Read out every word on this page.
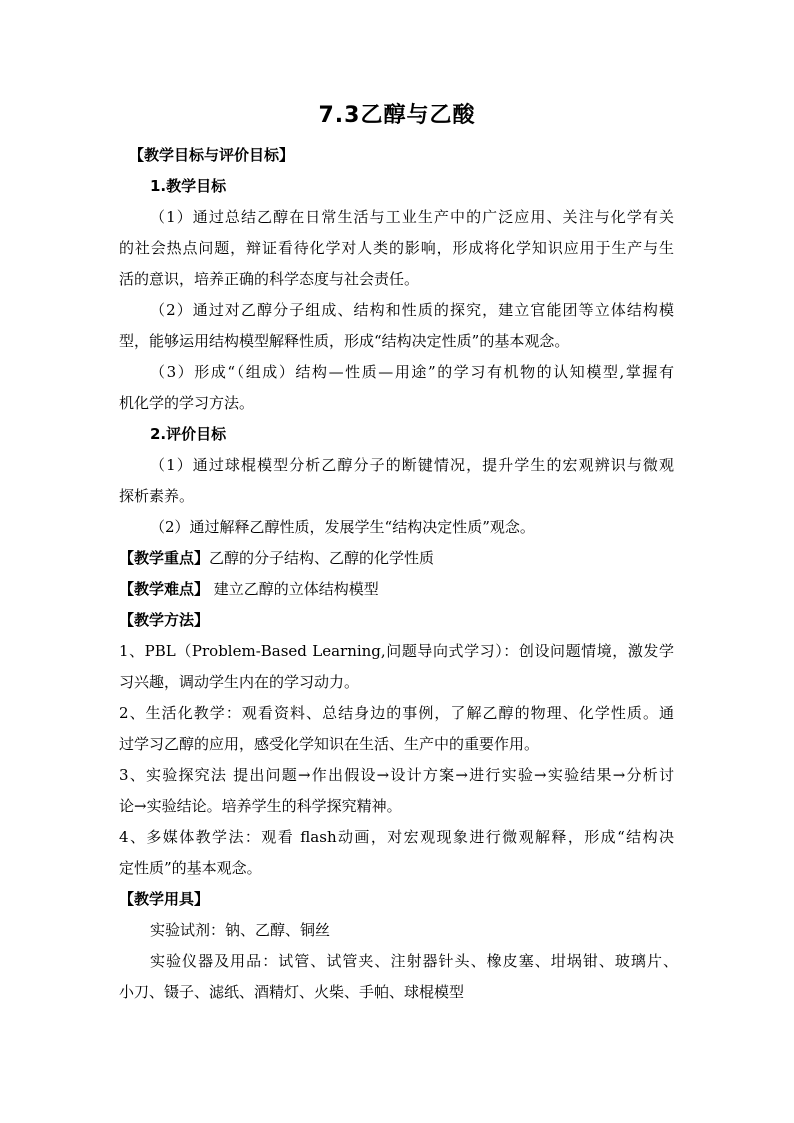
7.3乙醇与乙酸
【教学目标与评价目标】
1.教学目标
（1）通过总结乙醇在日常生活与工业生产中的广泛应用、关注与化学有关
的社会热点问题，辩证看待化学对人类的影响，形成将化学知识应用于生产与生
活的意识，培养正确的科学态度与社会责任。
（2）通过对乙醇分子组成、结构和性质的探究，建立官能团等立体结构模
型，能够运用结构模型解释性质，形成“结构决定性质”的基本观念。
（3）形成“（组成）结构—性质—用途”的学习有机物的认知模型,掌握有
机化学的学习方法。
2.评价目标
（1）通过球棍模型分析乙醇分子的断键情况，提升学生的宏观辨识与微观
探析素养。
（2）通过解释乙醇性质，发展学生“结构决定性质”观念。
【教学重点】乙醇的分子结构、乙醇的化学性质
【教学难点】 建立乙醇的立体结构模型
【教学方法】
1、PBL（Problem-Based Learning,问题导向式学习）：创设问题情境，激发学
习兴趣，调动学生内在的学习动力。
2、生活化教学：观看资料、总结身边的事例，了解乙醇的物理、化学性质。通
过学习乙醇的应用，感受化学知识在生活、生产中的重要作用。
3、实验探究法 提出问题→作出假设→设计方案→进行实验→实验结果→分析讨
论→实验结论。培养学生的科学探究精神。
4、多媒体教学法：观看 flash动画，对宏观现象进行微观解释，形成“结构决
定性质”的基本观念。
【教学用具】
实验试剂：钠、乙醇、铜丝
实验仪器及用品：试管、试管夹、注射器针头、橡皮塞、坩埚钳、玻璃片、
小刀、镊子、滤纸、酒精灯、火柴、手帕、球棍模型
